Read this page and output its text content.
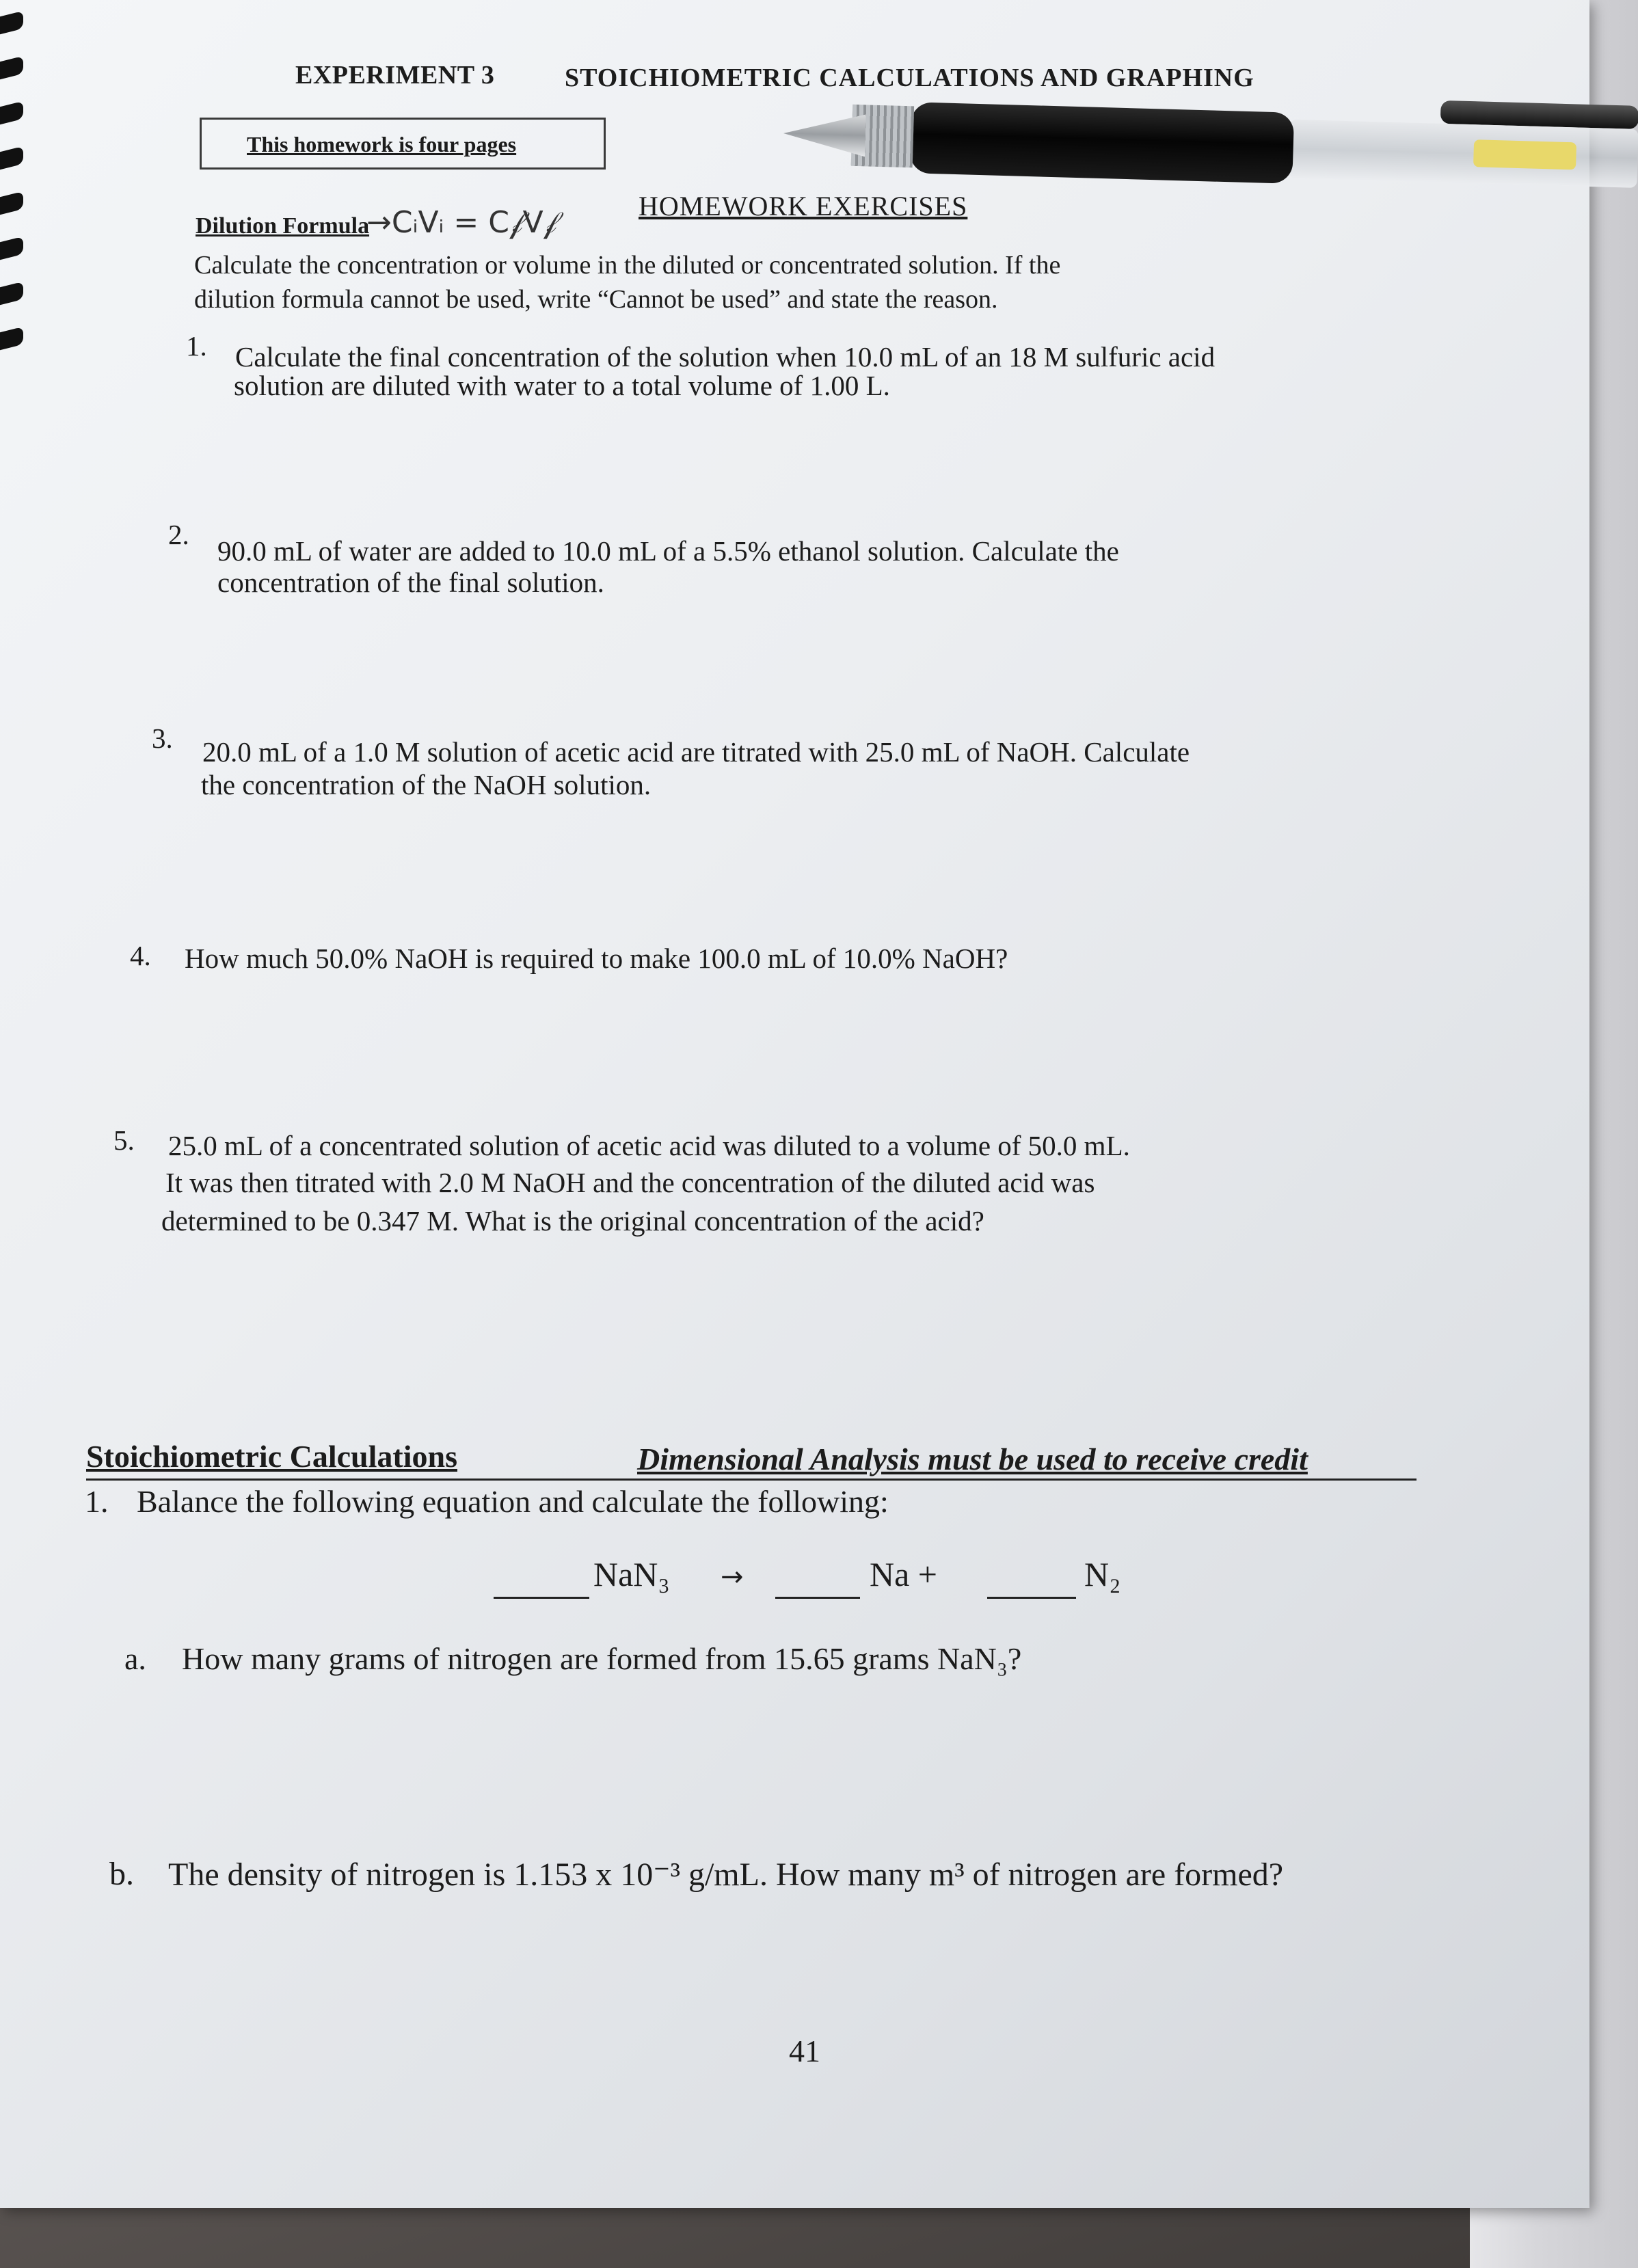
EXPERIMENT 3	STOICHIOMETRIC CALCULATIONS AND GRAPHING
This homework is four pages
HOMEWORK EXERCISES
Dilution Formula
→CᵢVᵢ = C𝒻V𝒻
Calculate the concentration or volume in the diluted or concentrated solution. If the
dilution formula cannot be used, write “Cannot be used” and state the reason.
1. Calculate the final concentration of the solution when 10.0 mL of an 18 M sulfuric acid
solution are diluted with water to a total volume of 1.00 L.
2.
90.0 mL of water are added to 10.0 mL of a 5.5% ethanol solution. Calculate the
concentration of the final solution.
3. 20.0 mL of a 1.0 M solution of acetic acid are titrated with 25.0 mL of NaOH. Calculate
the concentration of the NaOH solution.
4. How much 50.0% NaOH is required to make 100.0 mL of 10.0% NaOH?
5. 25.0 mL of a concentrated solution of acetic acid was diluted to a volume of 50.0 mL.
It was then titrated with 2.0 M NaOH and the concentration of the diluted acid was
determined to be 0.347 M. What is the original concentration of the acid?
Stoichiometric Calculations	Dimensional Analysis must be used to receive credit
1. Balance the following equation and calculate the following:
NaN₃ →	Na +	N₂
a. How many grams of nitrogen are formed from 15.65 grams NaN₃?
b. The density of nitrogen is 1.153 x 10⁻³ g/mL. How many m³ of nitrogen are formed?
41
